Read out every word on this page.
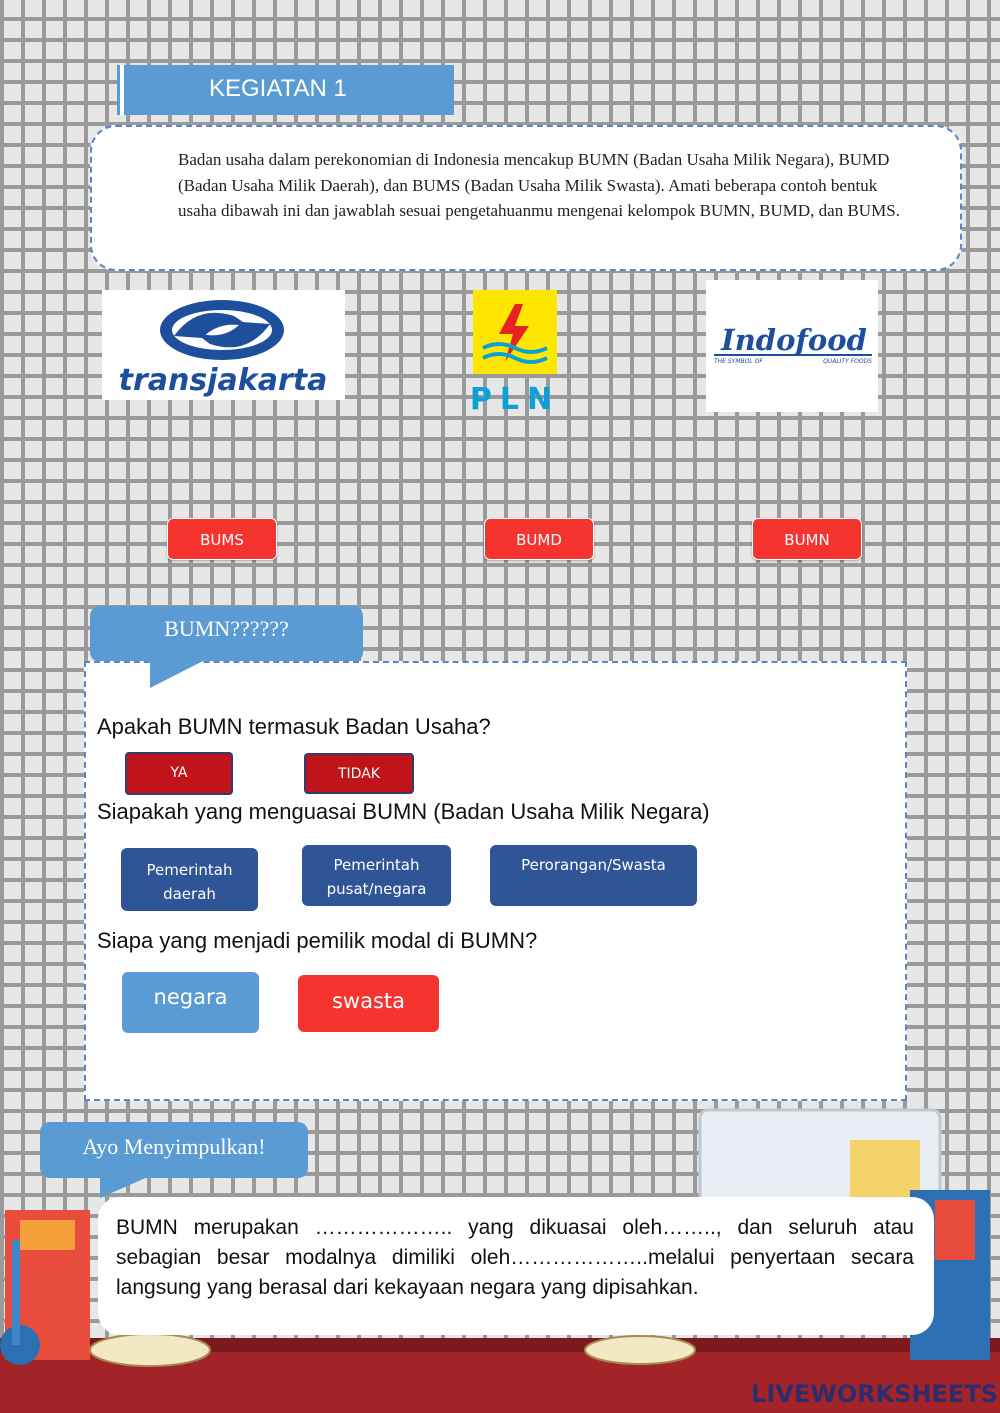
KEGIATAN 1
Badan usaha dalam perekonomian di Indonesia mencakup BUMN (Badan Usaha Milik Negara), BUMD (Badan Usaha Milik Daerah), dan BUMS (Badan Usaha Milik Swasta). Amati beberapa contoh bentuk usaha dibawah ini dan jawablah sesuai pengetahuanmu mengenai kelompok BUMN, BUMD, dan BUMS.
transjakarta
PLN
Indofood
THE SYMBOL OF	QUALITY FOODS
BUMS	BUMD	BUMN
BUMN??????
Apakah BUMN termasuk Badan Usaha?
YA	TIDAK
Siapakah yang menguasai BUMN (Badan Usaha Milik Negara)
Pemerintah
daerah
Pemerintah
pusat/negara
Perorangan/Swasta
Siapa yang menjadi pemilik modal di BUMN?
negara	swasta
Ayo Menyimpulkan!
BUMN merupakan ……………….. yang dikuasai oleh…….., dan seluruh atau sebagian besar modalnya dimiliki oleh………………..melalui penyertaan secara langsung yang berasal dari kekayaan negara yang dipisahkan.
LIVEWORKSHEETS
